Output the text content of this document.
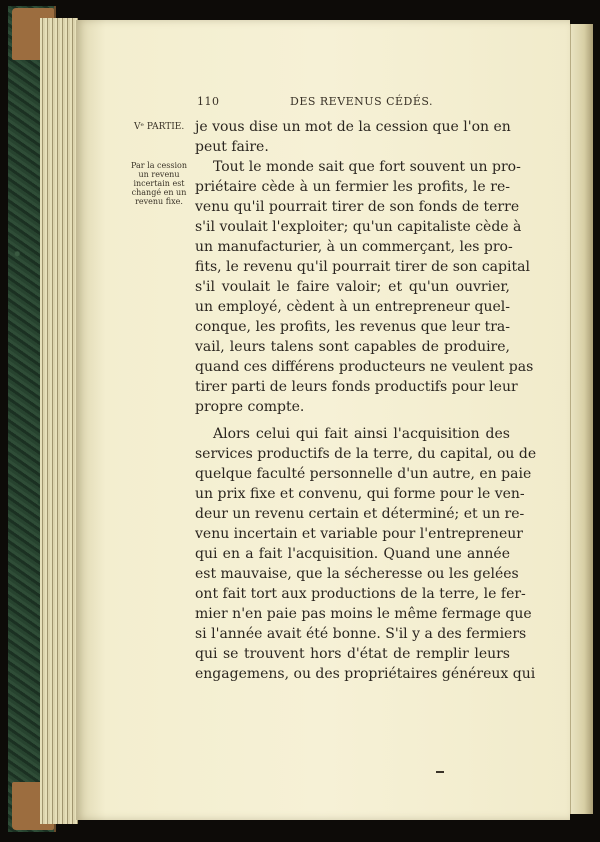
110	DES REVENUS CÉDÉS.
Vᵉ PARTIE.
Par la cession
un revenu
incertain est
changé en un
revenu fixe.
je vous dise un mot de la cession que l'on en
peut faire.
Tout le monde sait que fort souvent un pro-
priétaire cède à un fermier les profits, le re-
venu qu'il pourrait tirer de son fonds de terre
s'il voulait l'exploiter; qu'un capitaliste cède à
un manufacturier, à un commerçant, les pro-
fits, le revenu qu'il pourrait tirer de son capital
s'il voulait le faire valoir; et qu'un ouvrier,
un employé, cèdent à un entrepreneur quel-
conque, les profits, les revenus que leur tra-
vail, leurs talens sont capables de produire,
quand ces différens producteurs ne veulent pas
tirer parti de leurs fonds productifs pour leur
propre compte.
Alors celui qui fait ainsi l'acquisition des
services productifs de la terre, du capital, ou de
quelque faculté personnelle d'un autre, en paie
un prix fixe et convenu, qui forme pour le ven-
deur un revenu certain et déterminé; et un re-
venu incertain et variable pour l'entrepreneur
qui en a fait l'acquisition. Quand une année
est mauvaise, que la sécheresse ou les gelées
ont fait tort aux productions de la terre, le fer-
mier n'en paie pas moins le même fermage que
si l'année avait été bonne. S'il y a des fermiers
qui se trouvent hors d'état de remplir leurs
engagemens, ou des propriétaires généreux qui
